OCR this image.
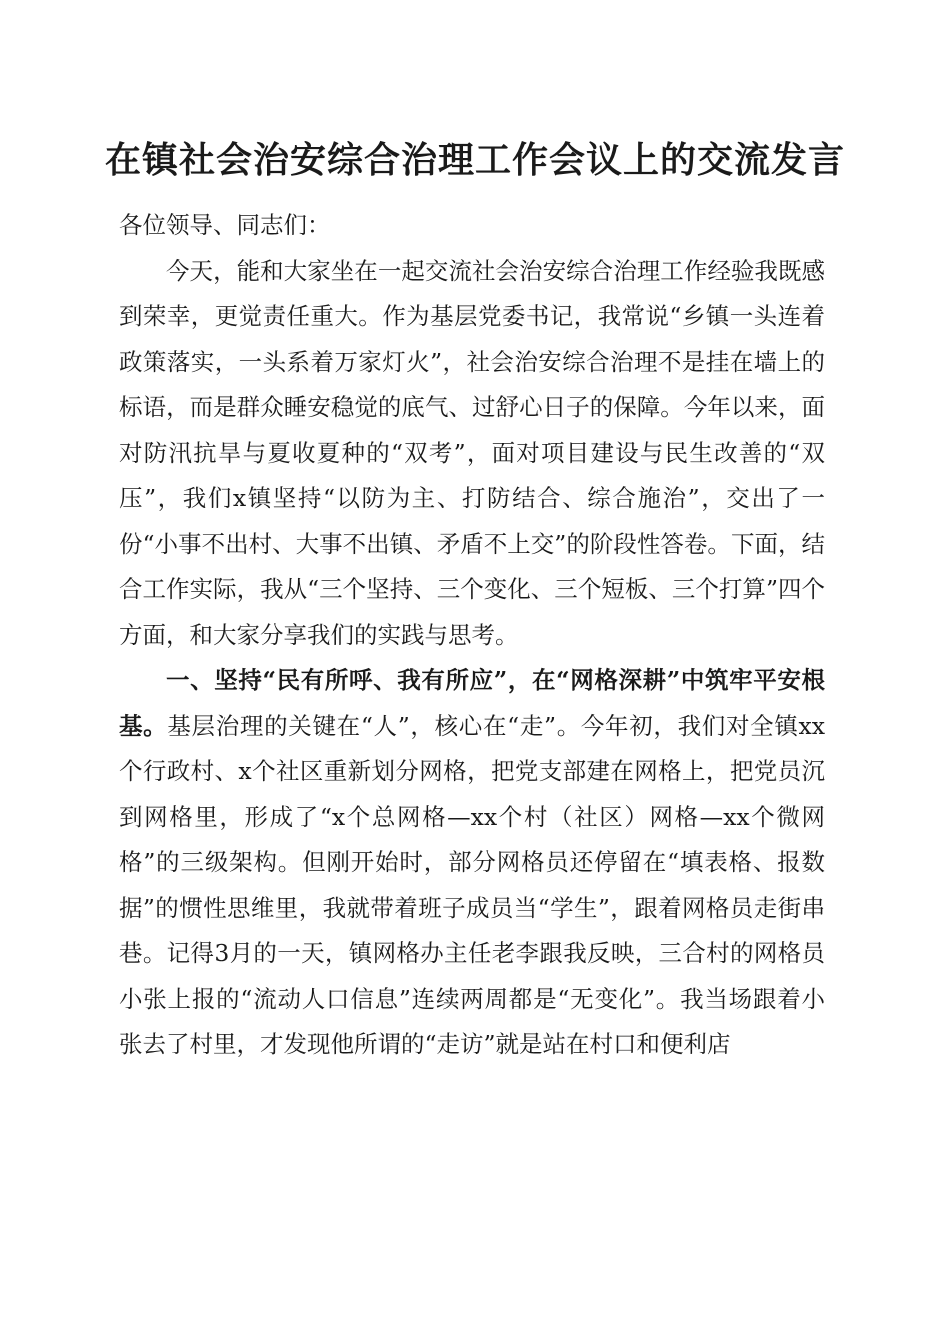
在镇社会治安综合治理工作会议上的交流发言

各位领导、同志们：

今天，能和大家坐在一起交流社会治安综合治理工作经验我既感到荣幸，更觉责任重大。作为基层党委书记，我常说“乡镇一头连着政策落实，一头系着万家灯火”，社会治安综合治理不是挂在墙上的标语，而是群众睡安稳觉的底气、过舒心日子的保障。今年以来，面对防汛抗旱与夏收夏种的“双考”，面对项目建设与民生改善的“双压”，我们x镇坚持“以防为主、打防结合、综合施治”，交出了一份“小事不出村、大事不出镇、矛盾不上交”的阶段性答卷。下面，结合工作实际，我从“三个坚持、三个变化、三个短板、三个打算”四个方面，和大家分享我们的实践与思考。

一、坚持“民有所呼、我有所应”，在“网格深耕”中筑牢平安根基。基层治理的关键在“人”，核心在“走”。今年初，我们对全镇xx个行政村、x个社区重新划分网格，把党支部建在网格上，把党员沉到网格里，形成了“x个总网格—xx个村（社区）网格—xx个微网格”的三级架构。但刚开始时，部分网格员还停留在“填表格、报数据”的惯性思维里，我就带着班子成员当“学生”，跟着网格员走街串巷。记得3月的一天，镇网格办主任老李跟我反映，三合村的网格员小张上报的“流动人口信息”连续两周都是“无变化”。我当场跟着小张去了村里，才发现他所谓的“走访”就是站在村口和便利店
